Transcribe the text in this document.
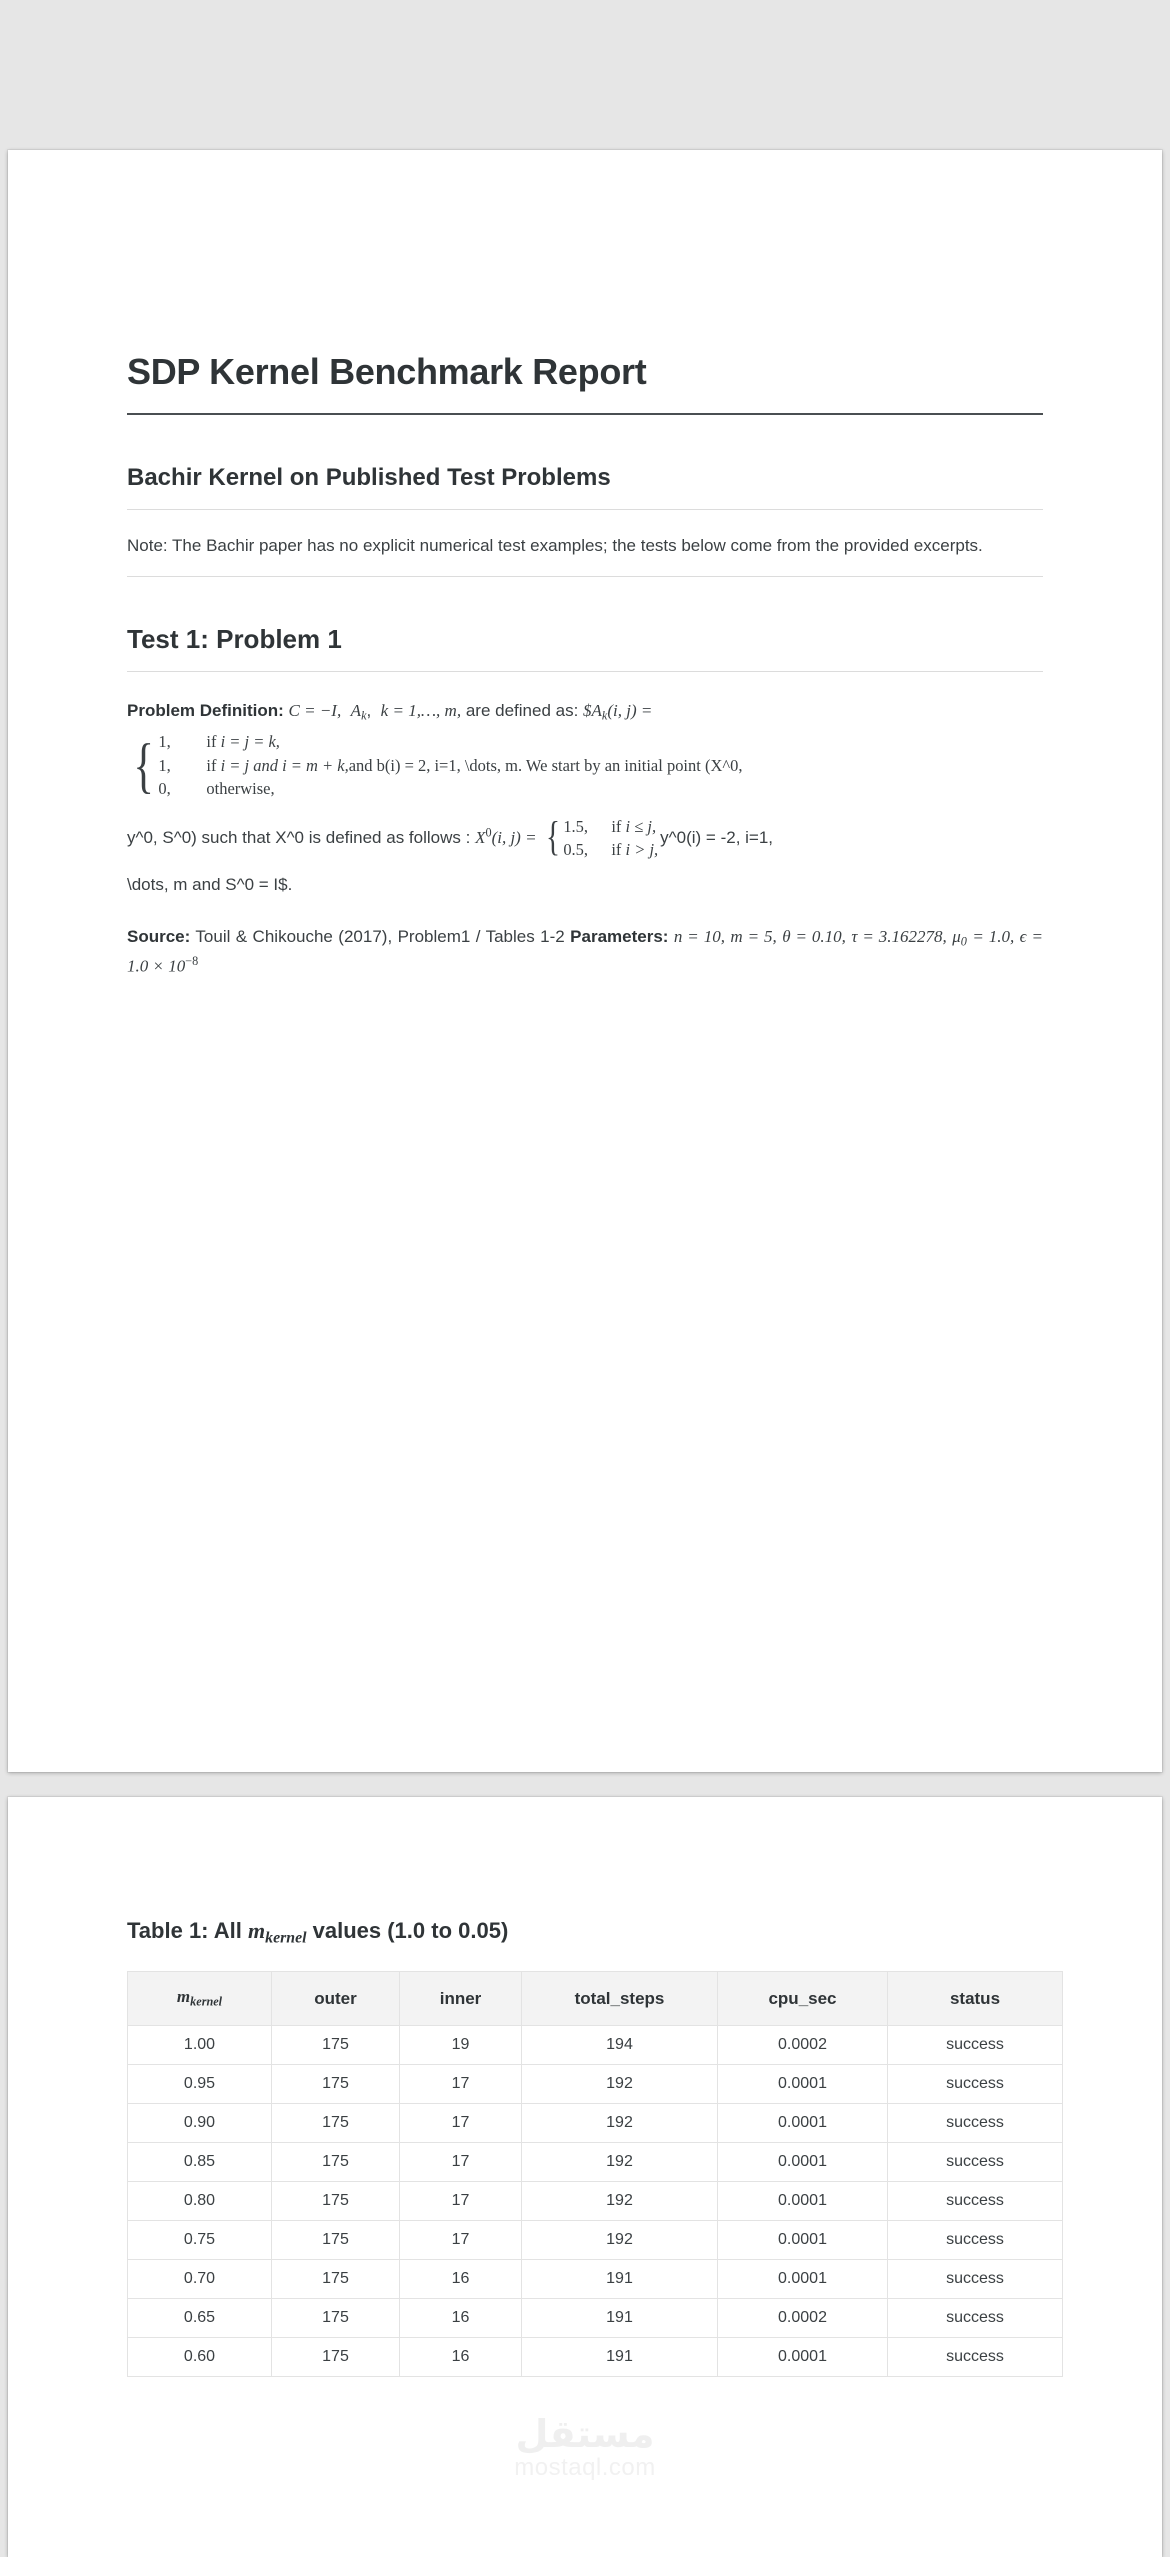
SDP Kernel Benchmark Report
Bachir Kernel on Published Test Problems

Note: The Bachir paper has no explicit numerical test examples; the tests below come from the provided excerpts.

Test 1: Problem 1
Problem Definition: C = −I, $A_k$,  k = 1,…, m, are defined as: $\$A_k(i$, j) =
{ 1, if i = j = k,
1, if i = j and i = m + k,and b(i) = 2, i=1, \dots, m. We start by an initial point (X^0,
0, otherwise,
y^0, S^0) such that X^0 is defined as follows : $X^0(i$, j) = { 1.5, if i ≤ j,
0.5, if i > j,
y^0(i) = -2, i=1,
\dots, m and S^0 = I$.

Source: Touil & Chikouche (2017), Problem1 / Tables 1-2 Parameters: n = 10, m = 5, θ = 0.10, τ = 3.162278, $\mu_0 = 1.0$, $\epsilon = 1.0 \times 10^{-8}$

Table 1: All $m_{kernel}$ values (1.0 to 0.05)
$m_{kernel}$	outer	inner	total_steps	cpu_sec	status
1.00	175	19	194	0.0002	success
0.95	175	17	192	0.0001	success
0.90	175	17	192	0.0001	success
0.85	175	17	192	0.0001	success
0.80	175	17	192	0.0001	success
0.75	175	17	192	0.0001	success
0.70	175	16	191	0.0001	success
0.65	175	16	191	0.0002	success
0.60	175	16	191	0.0001	success
مستقل
mostaql.com
